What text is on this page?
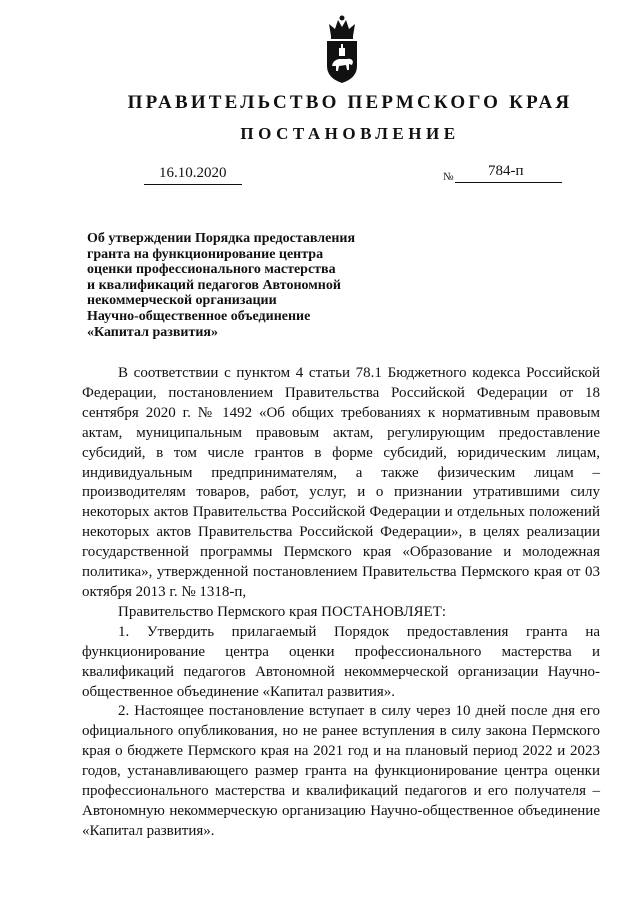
ПРАВИТЕЛЬСТВО ПЕРМСКОГО КРАЯ
ПОСТАНОВЛЕНИЕ
16.10.2020	№ 784-п
Об утверждении Порядка предоставления
гранта на функционирование центра
оценки профессионального мастерства
и квалификаций педагогов Автономной
некоммерческой организации
Научно-общественное объединение
«Капитал развития»

В соответствии с пунктом 4 статьи 78.1 Бюджетного кодекса Российской Федерации, постановлением Правительства Российской Федерации от 18 сентября 2020 г. № 1492 «Об общих требованиях к нормативным правовым актам, муниципальным правовым актам, регулирующим предоставление субсидий, в том числе грантов в форме субсидий, юридическим лицам, индивидуальным предпринимателям, а также физическим лицам – производителям товаров, работ, услуг, и о признании утратившими силу некоторых актов Правительства Российской Федерации и отдельных положений некоторых актов Правительства Российской Федерации», в целях реализации государственной программы Пермского края «Образование и молодежная политика», утвержденной постановлением Правительства Пермского края от 03 октября 2013 г. № 1318-п,

Правительство Пермского края ПОСТАНОВЛЯЕТ:

1. Утвердить прилагаемый Порядок предоставления гранта на функционирование центра оценки профессионального мастерства и квалификаций педагогов Автономной некоммерческой организации Научно-общественное объединение «Капитал развития».

2. Настоящее постановление вступает в силу через 10 дней после дня его официального опубликования, но не ранее вступления в силу закона Пермского края о бюджете Пермского края на 2021 год и на плановый период 2022 и 2023 годов, устанавливающего размер гранта на функционирование центра оценки профессионального мастерства и квалификаций педагогов и его получателя – Автономную некоммерческую организацию Научно-общественное объединение «Капитал развития».
